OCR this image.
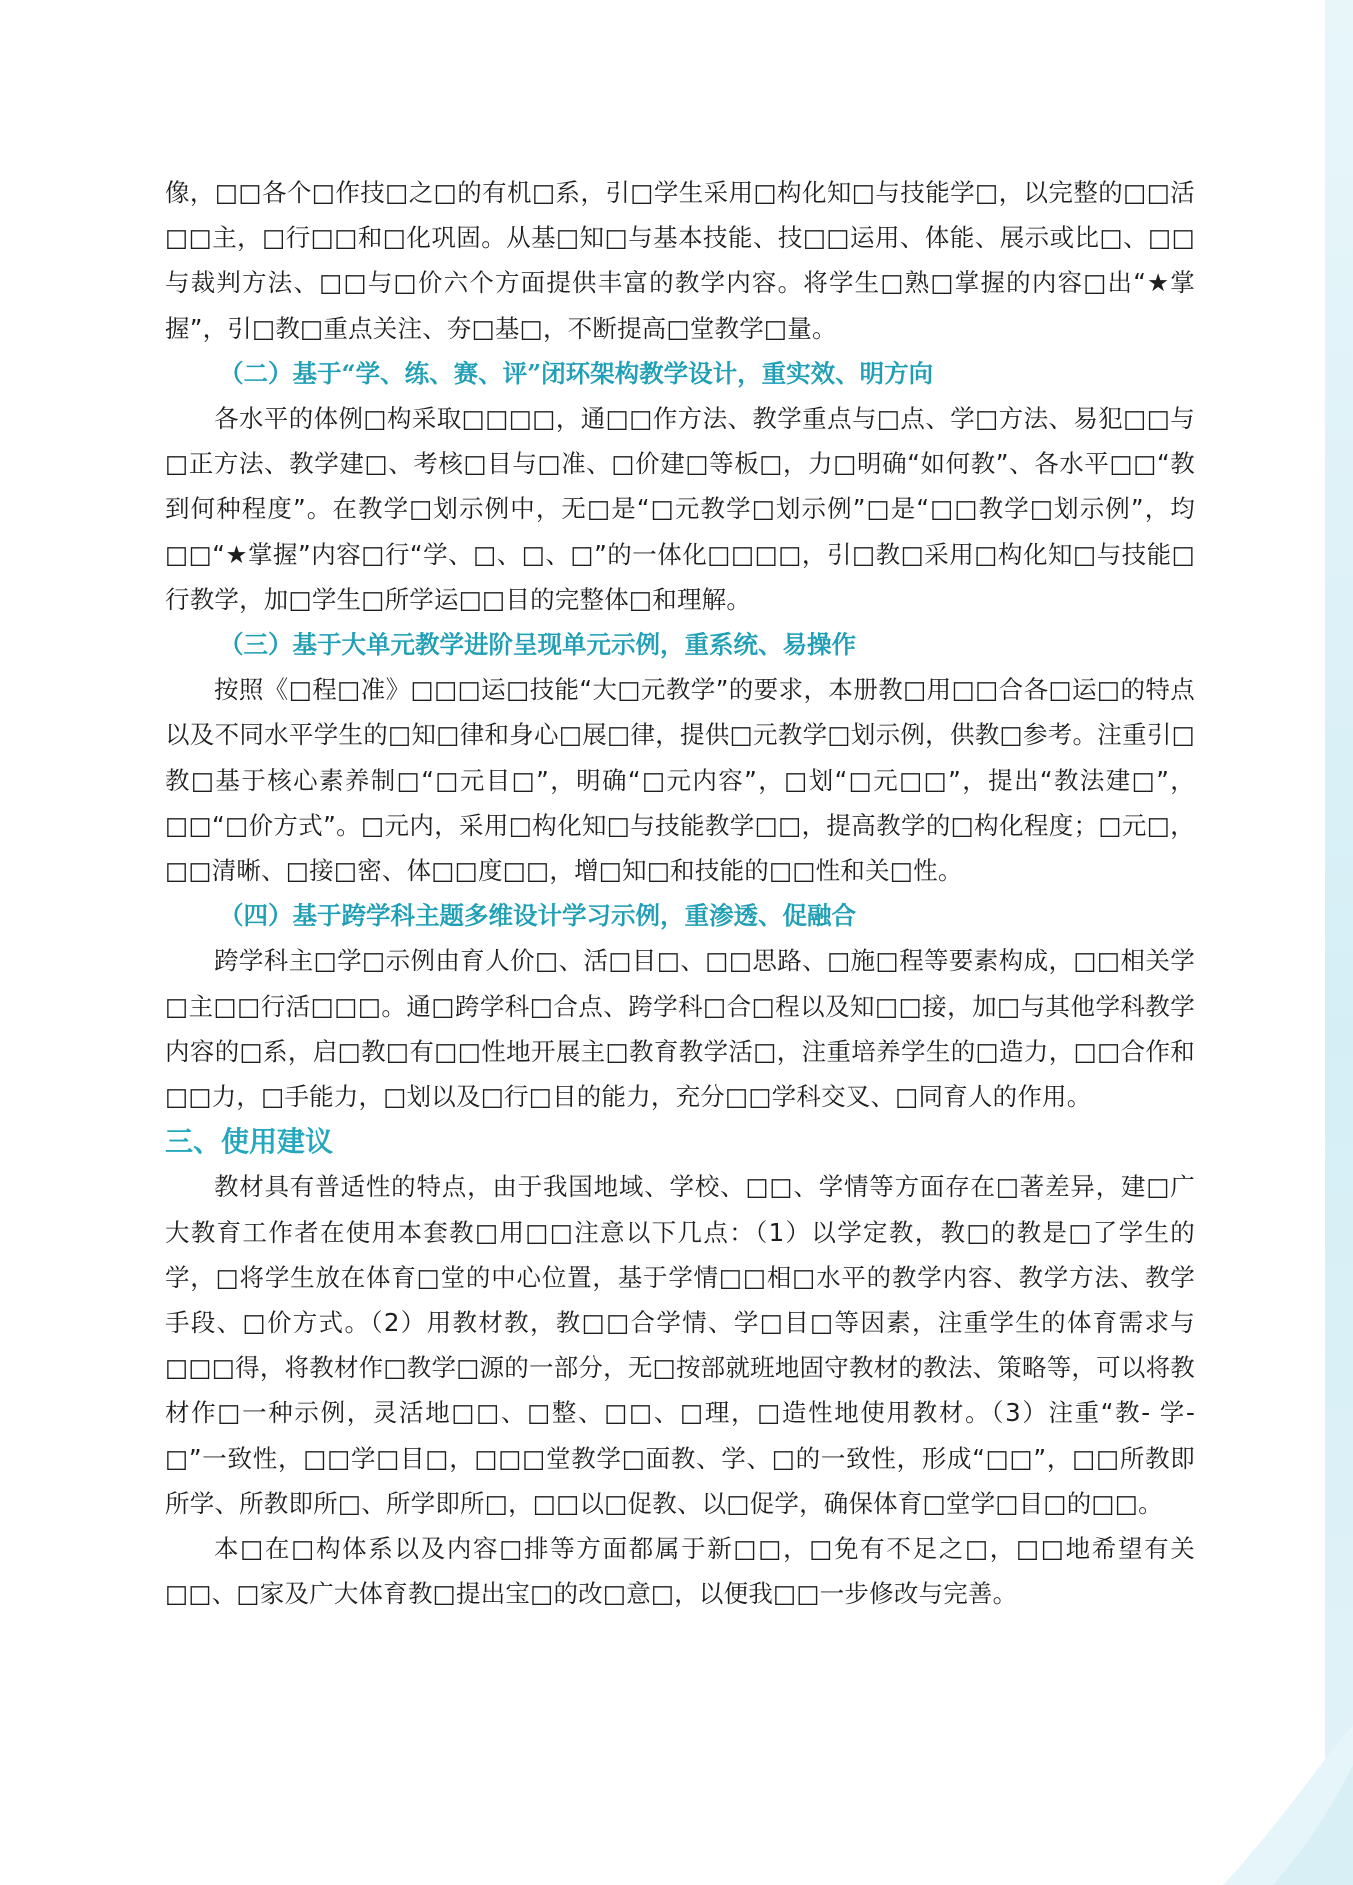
像，□□各个□作技□之□的有机□系，引□学生采用□构化知□与技能学□，以完整的□□活□□主，□行□□和□化巩固。从基□知□与基本技能、技□□运用、体能、展示或比□、□□与裁判方法、□□与□价六个方面提供丰富的教学内容。将学生□熟□掌握的内容□出“★掌握”，引□教□重点关注、夯□基□，不断提高□堂教学□量。

（二）基于“学、练、赛、评”闭环架构教学设计，重实效、明方向

各水平的体例□构采取□□□□，通□□作方法、教学重点与□点、学□方法、易犯□□与□正方法、教学建□、考核□目与□准、□价建□等板□，力□明确“如何教”、各水平□□“教到何种程度”。在教学□划示例中，无□是“□元教学□划示例”□是“□□教学□划示例”，均□□“★掌握”内容□行“学、□、□、□”的一体化□□□□，引□教□采用□构化知□与技能□行教学，加□学生□所学运□□目的完整体□和理解。

（三）基于大单元教学进阶呈现单元示例，重系统、易操作

按照《□程□准》□□□运□技能“大□元教学”的要求，本册教□用□□合各□运□的特点以及不同水平学生的□知□律和身心□展□律，提供□元教学□划示例，供教□参考。注重引□教□基于核心素养制□“□元目□”，明确“□元内容”，□划“□元□□”，提出“教法建□”，□□“□价方式”。□元内，采用□构化知□与技能教学□□，提高教学的□构化程度；□元□，□□清晰、□接□密、体□□度□□，增□知□和技能的□□性和关□性。

（四）基于跨学科主题多维设计学习示例，重渗透、促融合

跨学科主□学□示例由育人价□、活□目□、□□思路、□施□程等要素构成，□□相关学□主□□行活□□□。通□跨学科□合点、跨学科□合□程以及知□□接，加□与其他学科教学内容的□系，启□教□有□□性地开展主□教育教学活□，注重培养学生的□造力，□□合作和□□力，□手能力，□划以及□行□目的能力，充分□□学科交叉、□同育人的作用。

三、使用建议

教材具有普适性的特点，由于我国地域、学校、□□、学情等方面存在□著差异，建□广大教育工作者在使用本套教□用□□注意以下几点：（1）以学定教，教□的教是□了学生的学，□将学生放在体育□堂的中心位置，基于学情□□相□水平的教学内容、教学方法、教学手段、□价方式。（2）用教材教，教□□合学情、学□目□等因素，注重学生的体育需求与□□□得，将教材作□教学□源的一部分，无□按部就班地固守教材的教法、策略等，可以将教材作□一种示例，灵活地□□、□整、□□、□理，□造性地使用教材。（3）注重“教- 学- □”一致性，□□学□目□，□□□堂教学□面教、学、□的一致性，形成“□□”，□□所教即所学、所教即所□、所学即所□，□□以□促教、以□促学，确保体育□堂学□目□的□□。

本□在□构体系以及内容□排等方面都属于新□□，□免有不足之□，□□地希望有关□□、□家及广大体育教□提出宝□的改□意□，以便我□□一步修改与完善。
